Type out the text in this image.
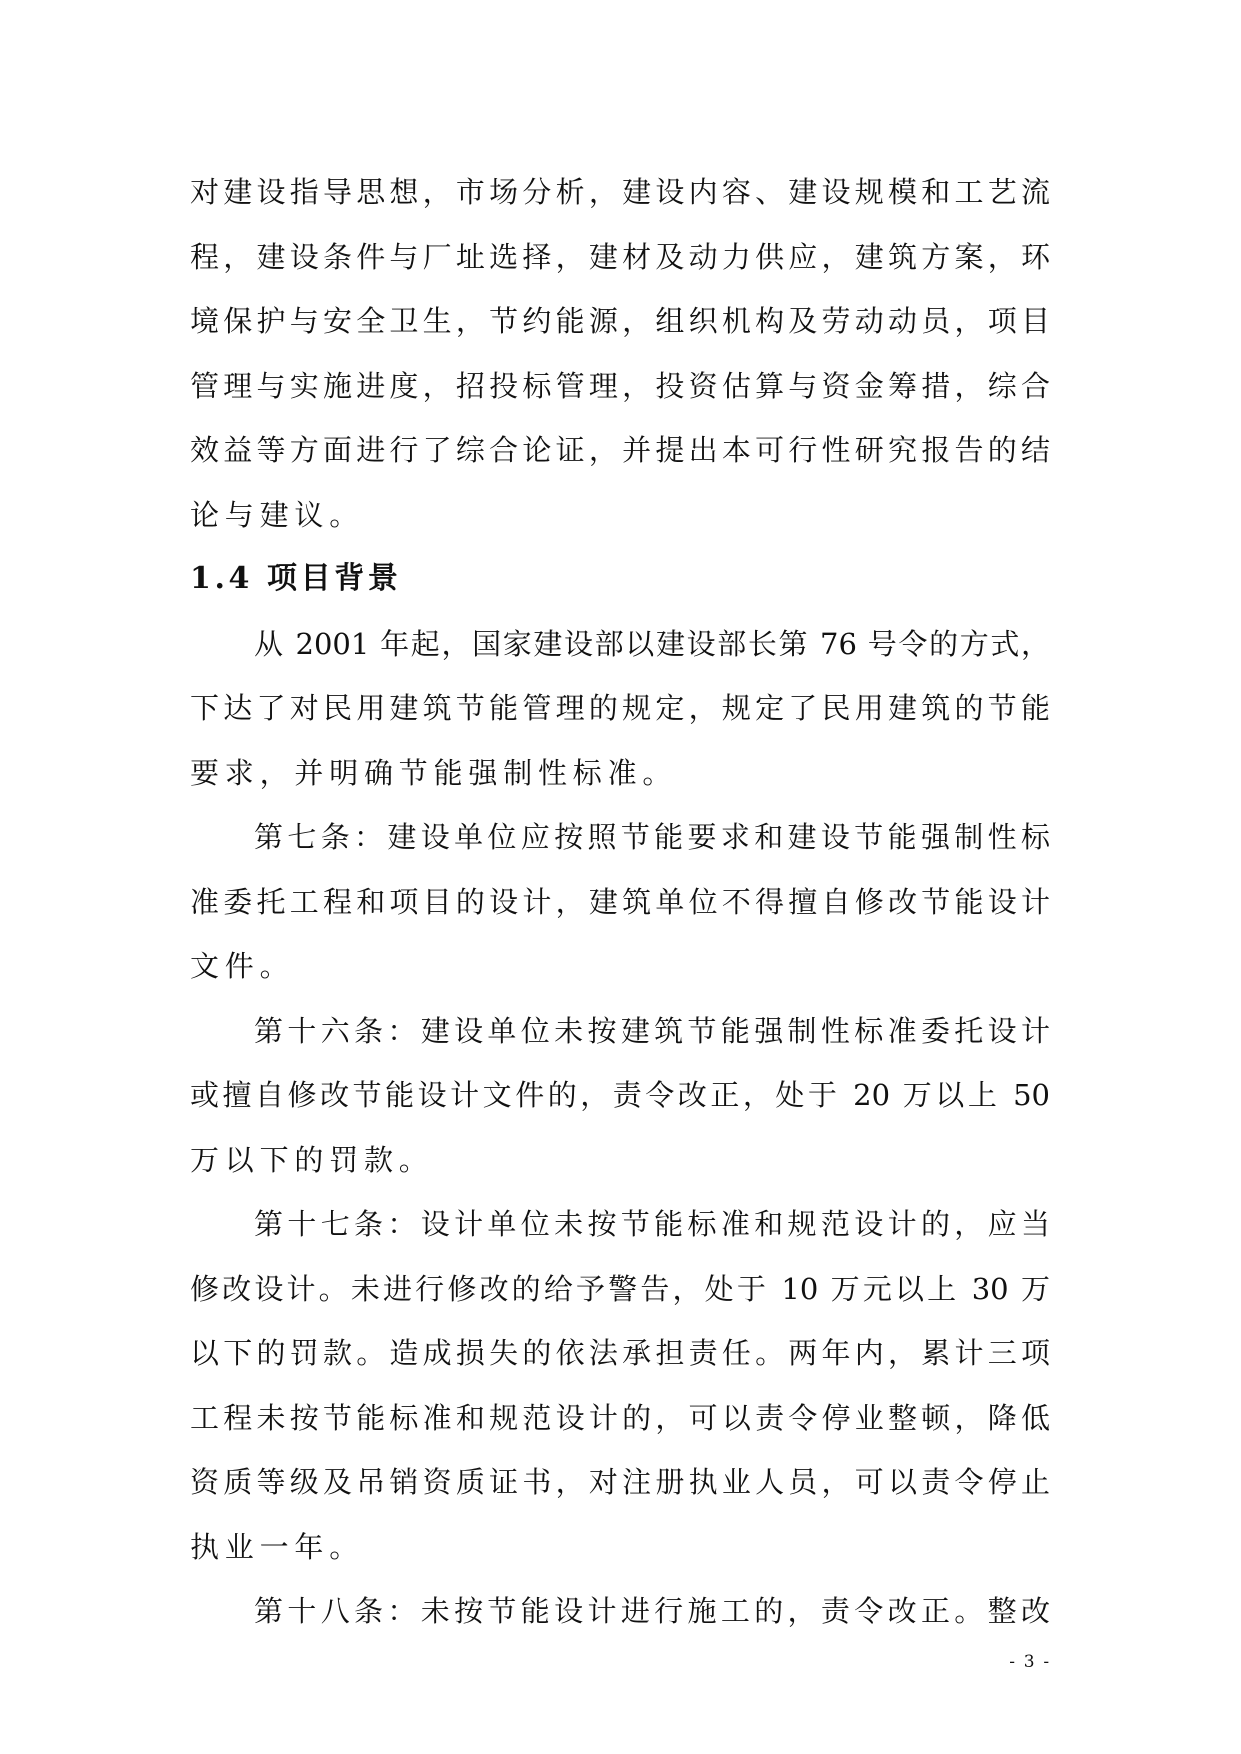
对建设指导思想，市场分析，建设内容、建设规模和工艺流
程，建设条件与厂址选择，建材及动力供应，建筑方案，环
境保护与安全卫生，节约能源，组织机构及劳动动员，项目
管理与实施进度，招投标管理，投资估算与资金筹措，综合
效益等方面进行了综合论证，并提出本可行性研究报告的结
论与建议。
1.4 项目背景
从 2001 年起，国家建设部以建设部长第 76 号令的方式，
下达了对民用建筑节能管理的规定，规定了民用建筑的节能
要求，并明确节能强制性标准。
第七条：建设单位应按照节能要求和建设节能强制性标
准委托工程和项目的设计，建筑单位不得擅自修改节能设计
文件。
第十六条：建设单位未按建筑节能强制性标准委托设计
或擅自修改节能设计文件的，责令改正，处于 20 万以上 50
万以下的罚款。
第十七条：设计单位未按节能标准和规范设计的，应当
修改设计。未进行修改的给予警告，处于 10 万元以上 30 万
以下的罚款。造成损失的依法承担责任。两年内，累计三项
工程未按节能标准和规范设计的，可以责令停业整顿，降低
资质等级及吊销资质证书，对注册执业人员，可以责令停止
执业一年。
第十八条：未按节能设计进行施工的，责令改正。整改
- 3 -
